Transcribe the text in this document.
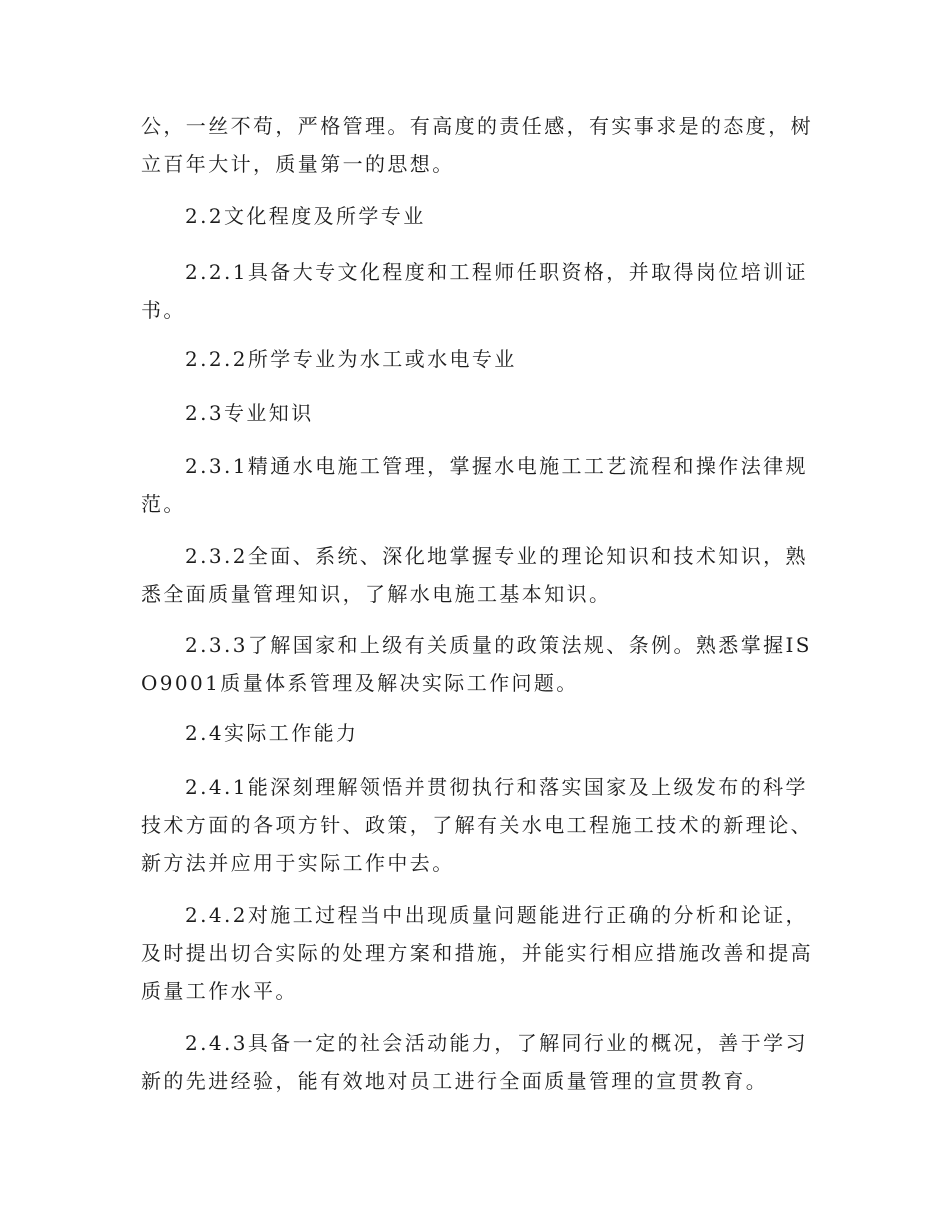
公，一丝不苟，严格管理。有高度的责任感，有实事求是的态度，树立百年大计，质量第一的思想。

2.2文化程度及所学专业

2.2.1具备大专文化程度和工程师任职资格，并取得岗位培训证书。

2.2.2所学专业为水工或水电专业

2.3专业知识

2.3.1精通水电施工管理，掌握水电施工工艺流程和操作法律规范。

2.3.2全面、系统、深化地掌握专业的理论知识和技术知识，熟悉全面质量管理知识，了解水电施工基本知识。

2.3.3了解国家和上级有关质量的政策法规、条例。熟悉掌握ISO9001质量体系管理及解决实际工作问题。

2.4实际工作能力

2.4.1能深刻理解领悟并贯彻执行和落实国家及上级发布的科学技术方面的各项方针、政策，了解有关水电工程施工技术的新理论、新方法并应用于实际工作中去。

2.4.2对施工过程当中出现质量问题能进行正确的分析和论证，及时提出切合实际的处理方案和措施，并能实行相应措施改善和提高质量工作水平。

2.4.3具备一定的社会活动能力，了解同行业的概况，善于学习新的先进经验，能有效地对员工进行全面质量管理的宣贯教育。
